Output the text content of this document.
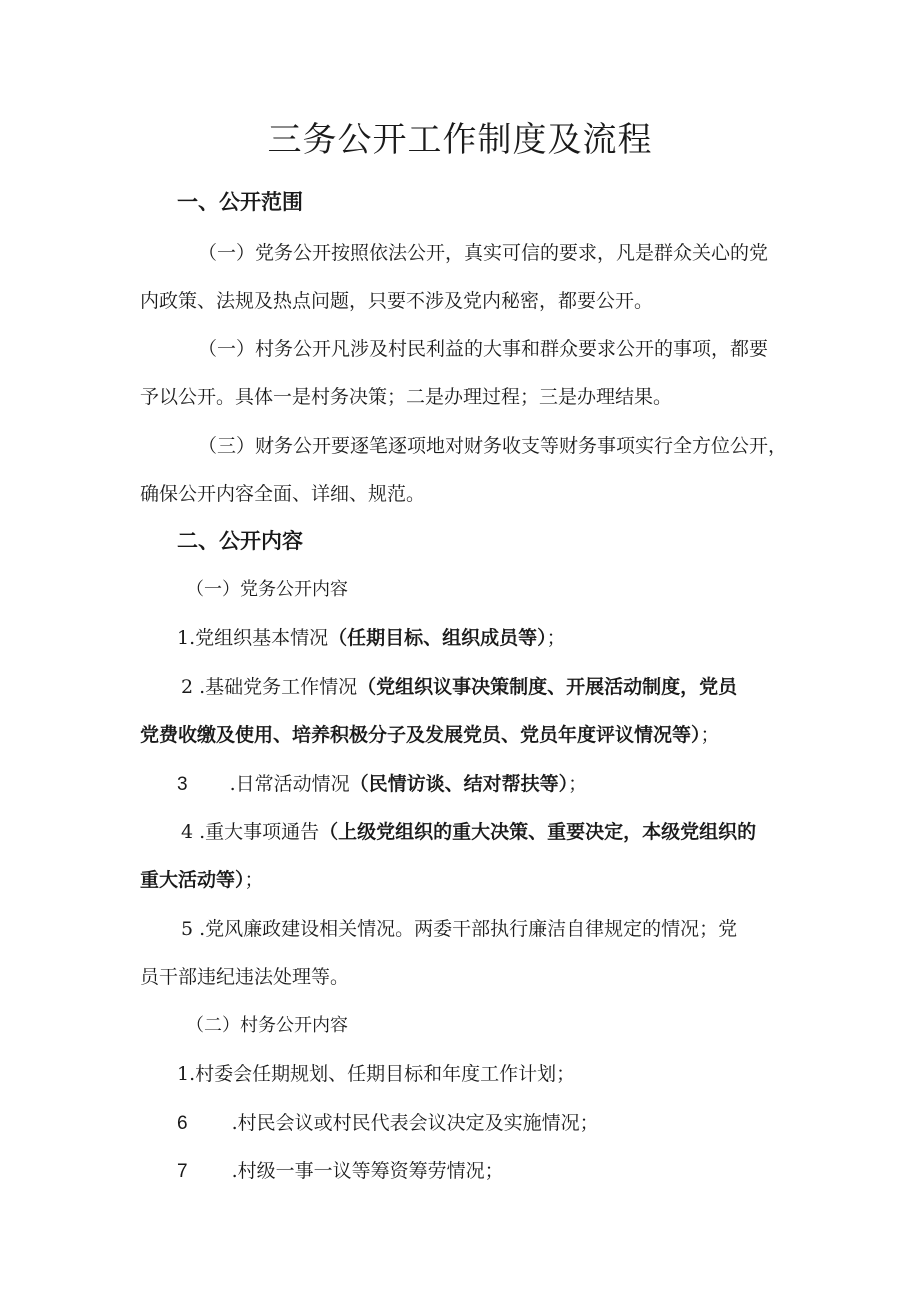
三务公开工作制度及流程
一、公开范围
（一）党务公开按照依法公开，真实可信的要求，凡是群众关心的党
内政策、法规及热点问题，只要不涉及党内秘密，都要公开。
（一）村务公开凡涉及村民利益的大事和群众要求公开的事项，都要
予以公开。具体一是村务决策；二是办理过程；三是办理结果。
（三）财务公开要逐笔逐项地对财务收支等财务事项实行全方位公开，
确保公开内容全面、详细、规范。
二、公开内容
（一）党务公开内容
1.党组织基本情况（任期目标、组织成员等）；
2 .基础党务工作情况（党组织议事决策制度、开展活动制度，党员
党费收缴及使用、培养积极分子及发展党员、党员年度评议情况等）；
3 .日常活动情况（民情访谈、结对帮扶等）；
4 .重大事项通告（上级党组织的重大决策、重要决定，本级党组织的
重大活动等）；
5 .党风廉政建设相关情况。两委干部执行廉洁自律规定的情况；党
员干部违纪违法处理等。
（二）村务公开内容
1.村委会任期规划、任期目标和年度工作计划；
6 .村民会议或村民代表会议决定及实施情况；
7 .村级一事一议等筹资筹劳情况；
